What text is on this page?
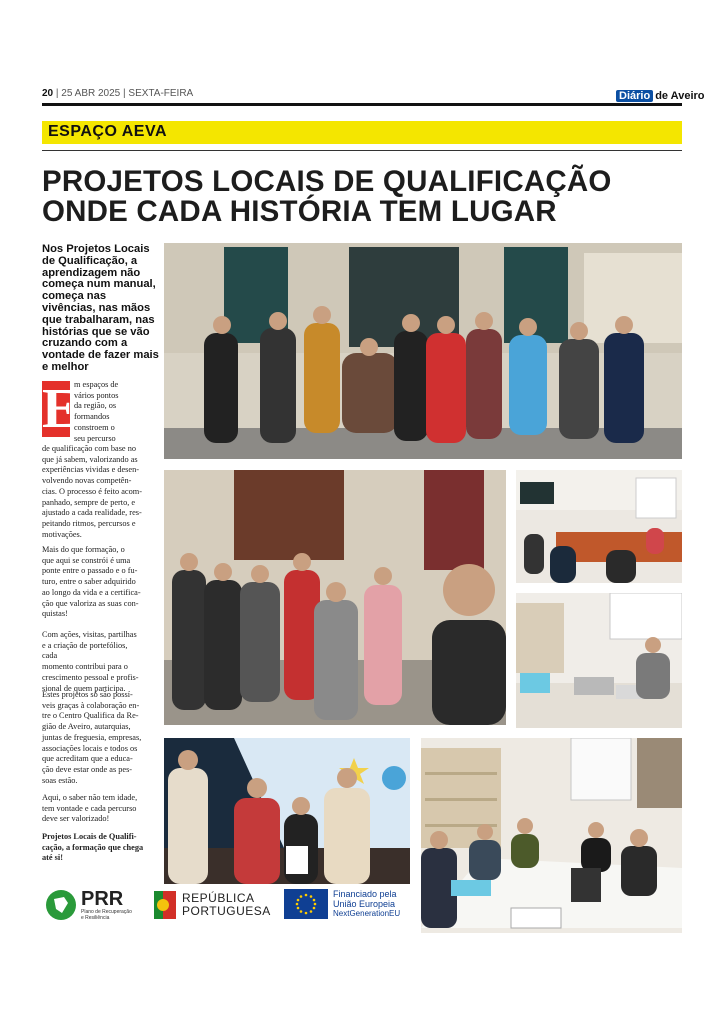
20 | 25 ABR 2025 | SEXTA-FEIRA	Diário de Aveiro
ESPAÇO AEVA
PROJETOS LOCAIS DE QUALIFICAÇÃO
ONDE CADA HISTÓRIA TEM LUGAR
Nos Projetos Locais de Qualificação, a aprendizagem não começa num manual, começa nas vivências, nas mãos que trabalharam, nas histórias que se vão cruzando com a vontade de fazer mais e melhor
E
m espaços de
vários pontos
da região, os
formandos
constroem o
seu percurso
de qualificação com base no
que já sabem, valorizando as
experiências vividas e desen-
volvendo novas competên-
cias. O processo é feito acom-
panhado, sempre de perto, e
ajustado a cada realidade, res-
peitando ritmos, percursos e
motivações.
Mais do que formação, o
que aqui se constrói é uma
ponte entre o passado e o fu-
turo, entre o saber adquirido
ao longo da vida e a certifica-
ção que valoriza as suas con-
quistas!
Com ações, visitas, partilhas
e a criação de portefólios, cada
momento contribui para o
crescimento pessoal e profis-
sional de quem participa.
Estes projetos só são possí-
veis graças à colaboração en-
tre o Centro Qualifica da Re-
gião de Aveiro, autarquias,
juntas de freguesia, empresas,
associações locais e todos os
que acreditam que a educa-
ção deve estar onde as pes-
soas estão.
Aqui, o saber não tem idade,
tem vontade e cada percurso
deve ser valorizado!
Projetos Locais de Qualifi-
cação, a formação que chega
até si!
PRR
Plano de Recuperação
e Resiliência
REPÚBLICA
PORTUGUESA
Financiado pela
União Europeia
NextGenerationEU
